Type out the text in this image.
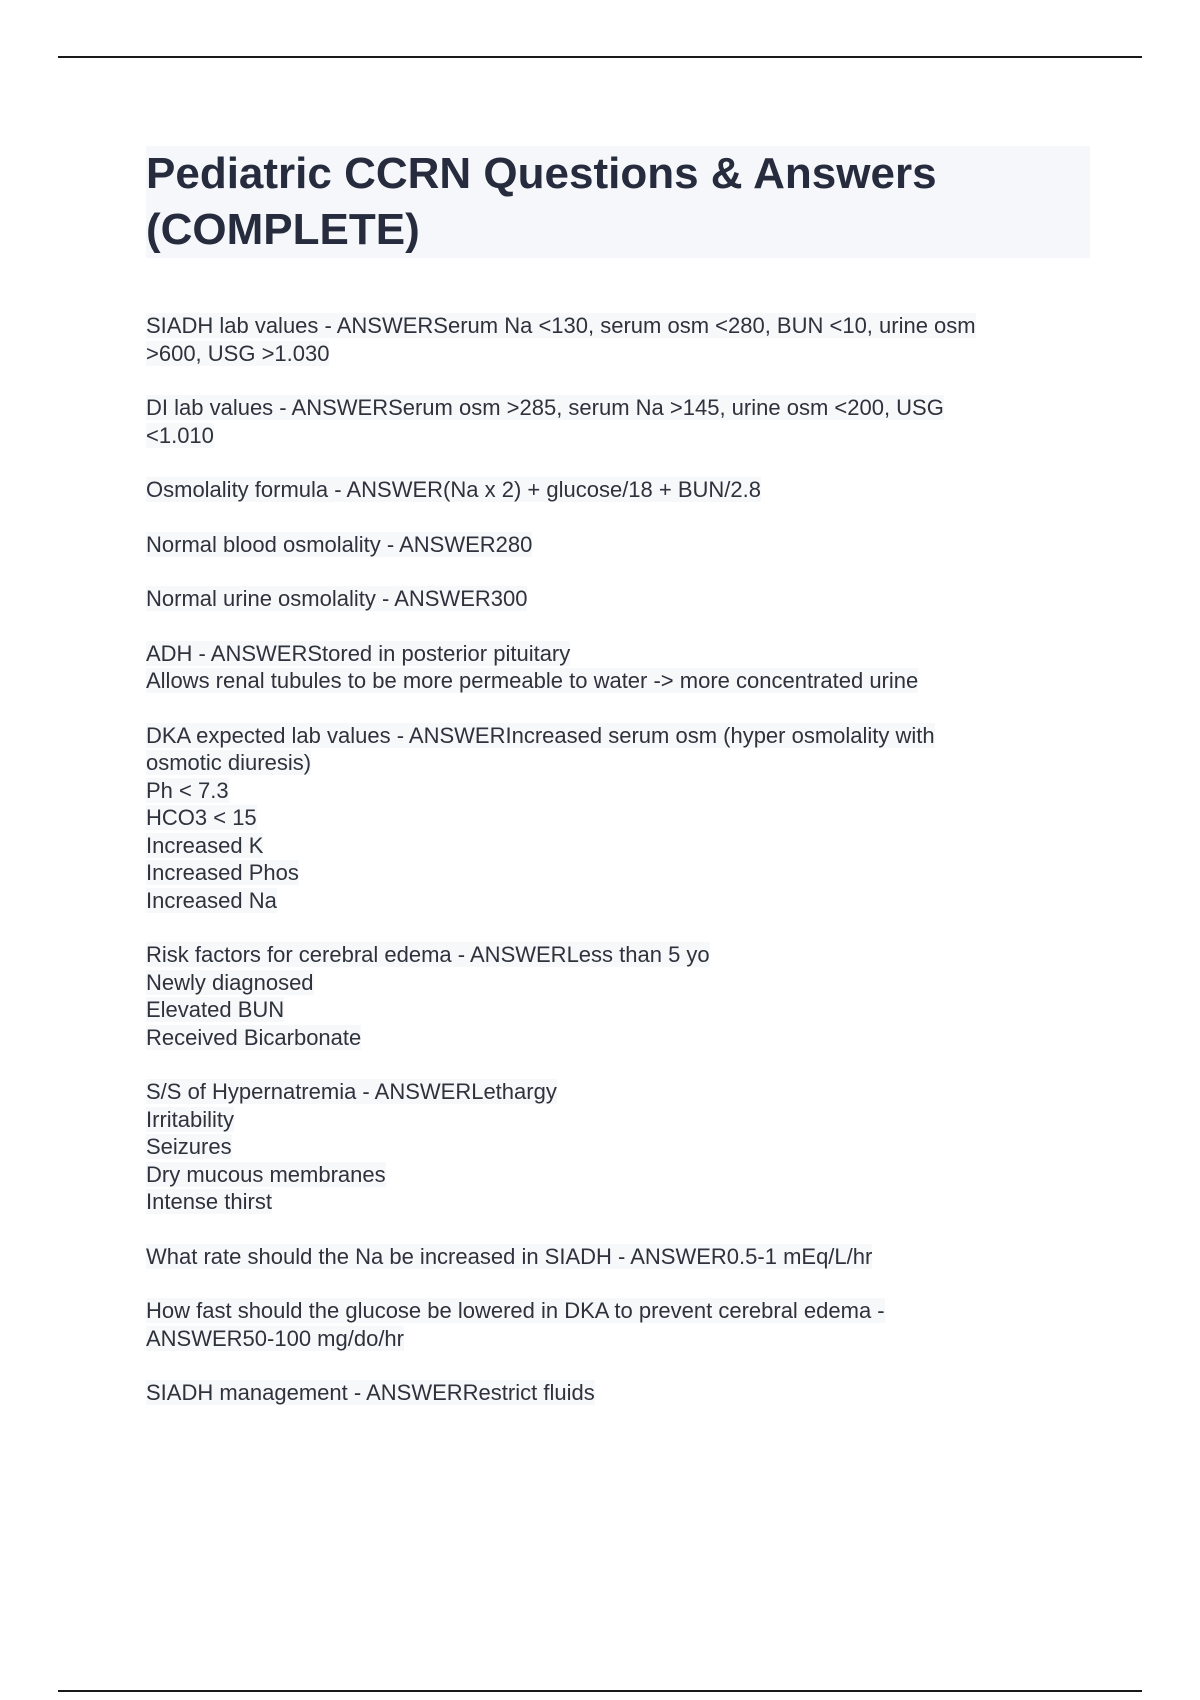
Pediatric CCRN Questions & Answers
(COMPLETE)
SIADH lab values - ANSWERSerum Na <130, serum osm <280, BUN <10, urine osm
>600, USG >1.030
DI lab values - ANSWERSerum osm >285, serum Na >145, urine osm <200, USG
<1.010
Osmolality formula - ANSWER(Na x 2) + glucose/18 + BUN/2.8
Normal blood osmolality - ANSWER280
Normal urine osmolality - ANSWER300
ADH - ANSWERStored in posterior pituitary
Allows renal tubules to be more permeable to water -> more concentrated urine
DKA expected lab values - ANSWERIncreased serum osm (hyper osmolality with
osmotic diuresis)
Ph < 7.3
HCO3 < 15
Increased K
Increased Phos
Increased Na
Risk factors for cerebral edema - ANSWERLess than 5 yo
Newly diagnosed
Elevated BUN
Received Bicarbonate
S/S of Hypernatremia - ANSWERLethargy
Irritability
Seizures
Dry mucous membranes
Intense thirst
What rate should the Na be increased in SIADH - ANSWER0.5-1 mEq/L/hr
How fast should the glucose be lowered in DKA to prevent cerebral edema -
ANSWER50-100 mg/do/hr
SIADH management - ANSWERRestrict fluids
